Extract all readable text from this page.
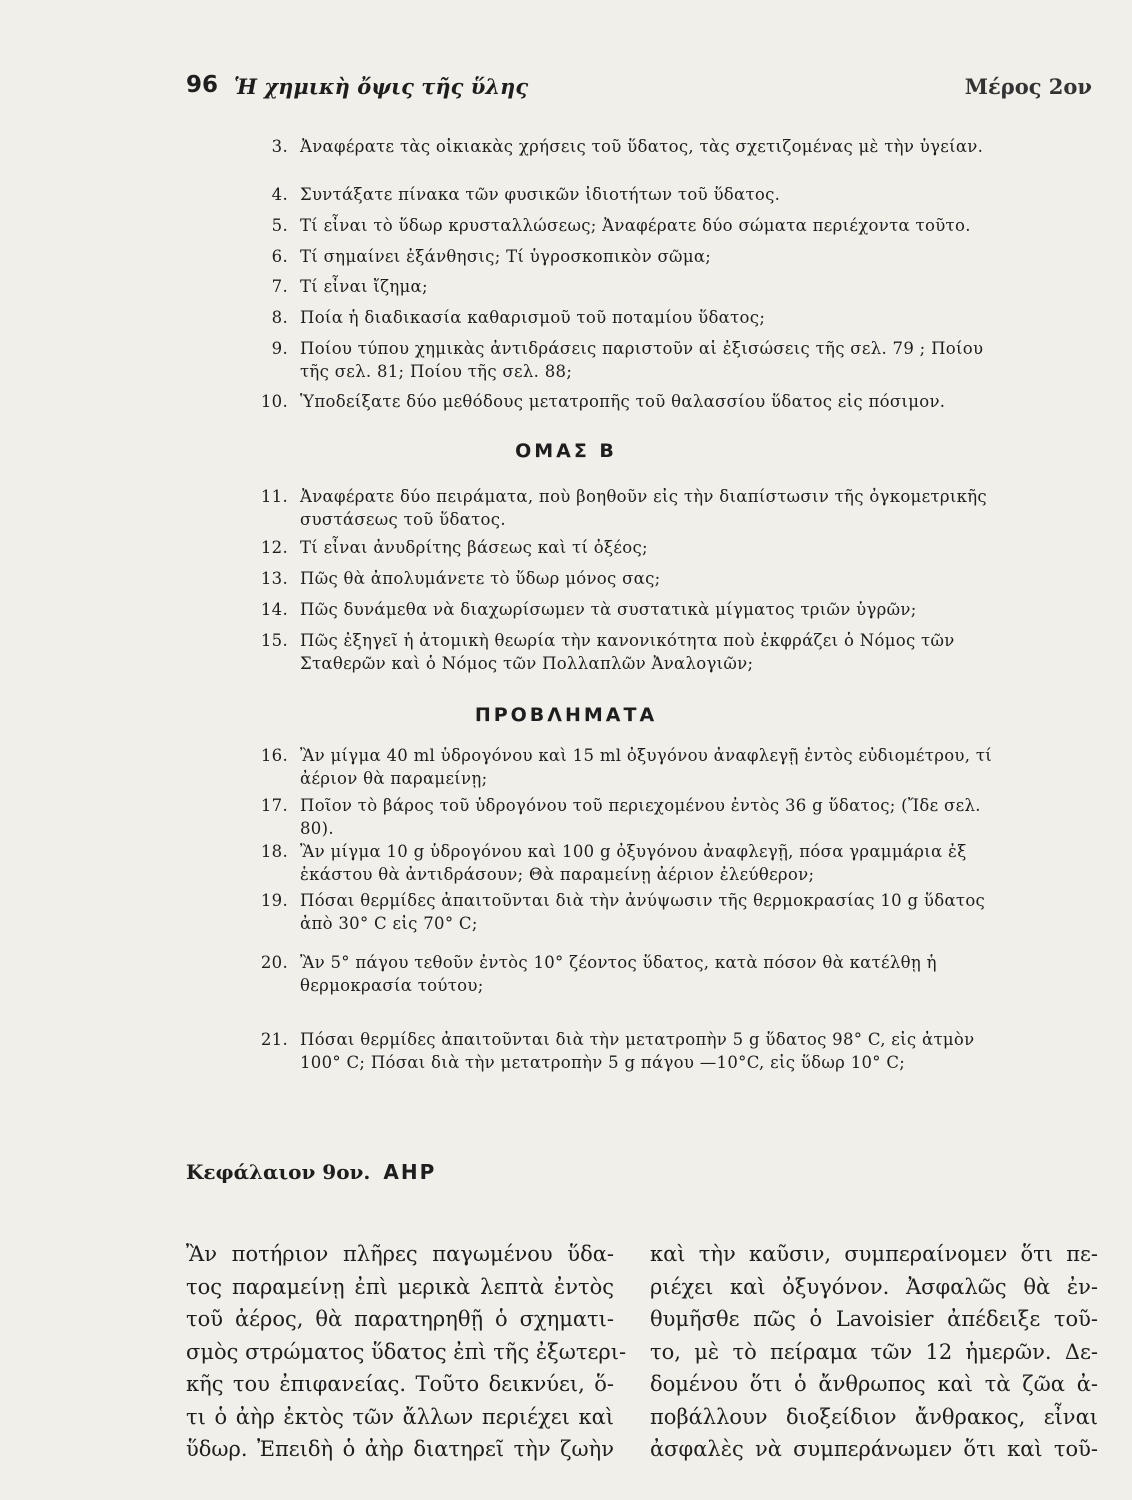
96 Ἡ χημικὴ ὄψις τῆς ὕλης	Μέρος 2ον
3. Ἀναφέρατε τὰς οἰκιακὰς χρήσεις τοῦ ὕδατος, τὰς σχετιζομένας μὲ τὴν ὑγείαν.
4. Συντάξατε πίνακα τῶν φυσικῶν ἰδιοτήτων τοῦ ὕδατος.
5. Τί εἶναι τὸ ὕδωρ κρυσταλλώσεως; Ἀναφέρατε δύο σώματα περιέχοντα τοῦτο.
6. Τί σημαίνει ἐξάνθησις; Τί ὑγροσκοπικὸν σῶμα;
7. Τί εἶναι ἴζημα;
8. Ποία ἡ διαδικασία καθαρισμοῦ τοῦ ποταμίου ὕδατος;
9. Ποίου τύπου χημικὰς ἀντιδράσεις παριστοῦν αἱ ἐξισώσεις τῆς σελ. 79 ; Ποίου τῆς σελ. 81; Ποίου τῆς σελ. 88;
10. Ὑποδείξατε δύο μεθόδους μετατροπῆς τοῦ θαλασσίου ὕδατος εἰς πόσιμον.
ΟΜΑΣ Β
11. Ἀναφέρατε δύο πειράματα, ποὺ βοηθοῦν εἰς τὴν διαπίστωσιν τῆς ὀγκομετρικῆς συστάσεως τοῦ ὕδατος.
12. Τί εἶναι ἀνυδρίτης βάσεως καὶ τί ὀξέος;
13. Πῶς θὰ ἀπολυμάνετε τὸ ὕδωρ μόνος σας;
14. Πῶς δυνάμεθα νὰ διαχωρίσωμεν τὰ συστατικὰ μίγματος τριῶν ὑγρῶν;
15. Πῶς ἐξηγεῖ ἡ ἀτομικὴ θεωρία τὴν κανονικότητα ποὺ ἐκφράζει ὁ Νόμος τῶν Σταθερῶν καὶ ὁ Νόμος τῶν Πολλαπλῶν Ἀναλογιῶν;
ΠΡΟΒΛΗΜΑΤΑ
16. Ἂν μίγμα 40 ml ὑδρογόνου καὶ 15 ml ὀξυγόνου ἀναφλεγῇ ἐντὸς εὐδιομέτρου, τί ἀέριον θὰ παραμείνῃ;
17. Ποῖον τὸ βάρος τοῦ ὑδρογόνου τοῦ περιεχομένου ἐντὸς 36 g ὕδατος; (Ἴδε σελ. 80).
18. Ἂν μίγμα 10 g ὑδρογόνου καὶ 100 g ὀξυγόνου ἀναφλεγῇ, πόσα γραμμάρια ἐξ ἑκάστου θὰ ἀντιδράσουν; Θὰ παραμείνῃ ἀέριον ἐλεύθερον;
19. Πόσαι θερμίδες ἀπαιτοῦνται διὰ τὴν ἀνύψωσιν τῆς θερμοκρασίας 10 g ὕδατος ἀπὸ 30° C εἰς 70° C;
20. Ἂν 5° πάγου τεθοῦν ἐντὸς 10° ζέοντος ὕδατος, κατὰ πόσον θὰ κατέλθῃ ἡ θερμοκρασία τούτου;
21. Πόσαι θερμίδες ἀπαιτοῦνται διὰ τὴν μετατροπὴν 5 g ὕδατος 98° C, εἰς ἀτμὸν 100° C; Πόσαι διὰ τὴν μετατροπὴν 5 g πάγου —10°C, εἰς ὕδωρ 10° C;
Κεφάλαιον 9ον. ΑΗΡ
Ἂν ποτήριον πλῆρες παγωμένου ὕδα-
τος παραμείνῃ ἐπὶ μερικὰ λεπτὰ ἐντὸς
τοῦ ἀέρος, θὰ παρατηρηθῇ ὁ σχηματι-
σμὸς στρώματος ὕδατος ἐπὶ τῆς ἐξωτερι-
κῆς του ἐπιφανείας. Τοῦτο δεικνύει, ὅ-
τι ὁ ἀὴρ ἐκτὸς τῶν ἄλλων περιέχει καὶ
ὕδωρ. Ἐπειδὴ ὁ ἀὴρ διατηρεῖ τὴν ζωὴν
καὶ τὴν καῦσιν, συμπεραίνομεν ὅτι πε-
ριέχει καὶ ὀξυγόνον. Ἀσφαλῶς θὰ ἐν-
θυμῆσθε πῶς ὁ Lavoisier ἀπέδειξε τοῦ-
το, μὲ τὸ πείραμα τῶν 12 ἡμερῶν. Δε-
δομένου ὅτι ὁ ἄνθρωπος καὶ τὰ ζῶα ἀ-
ποβάλλουν διοξείδιον ἄνθρακος, εἶναι
ἀσφαλὲς νὰ συμπεράνωμεν ὅτι καὶ τοῦ-
